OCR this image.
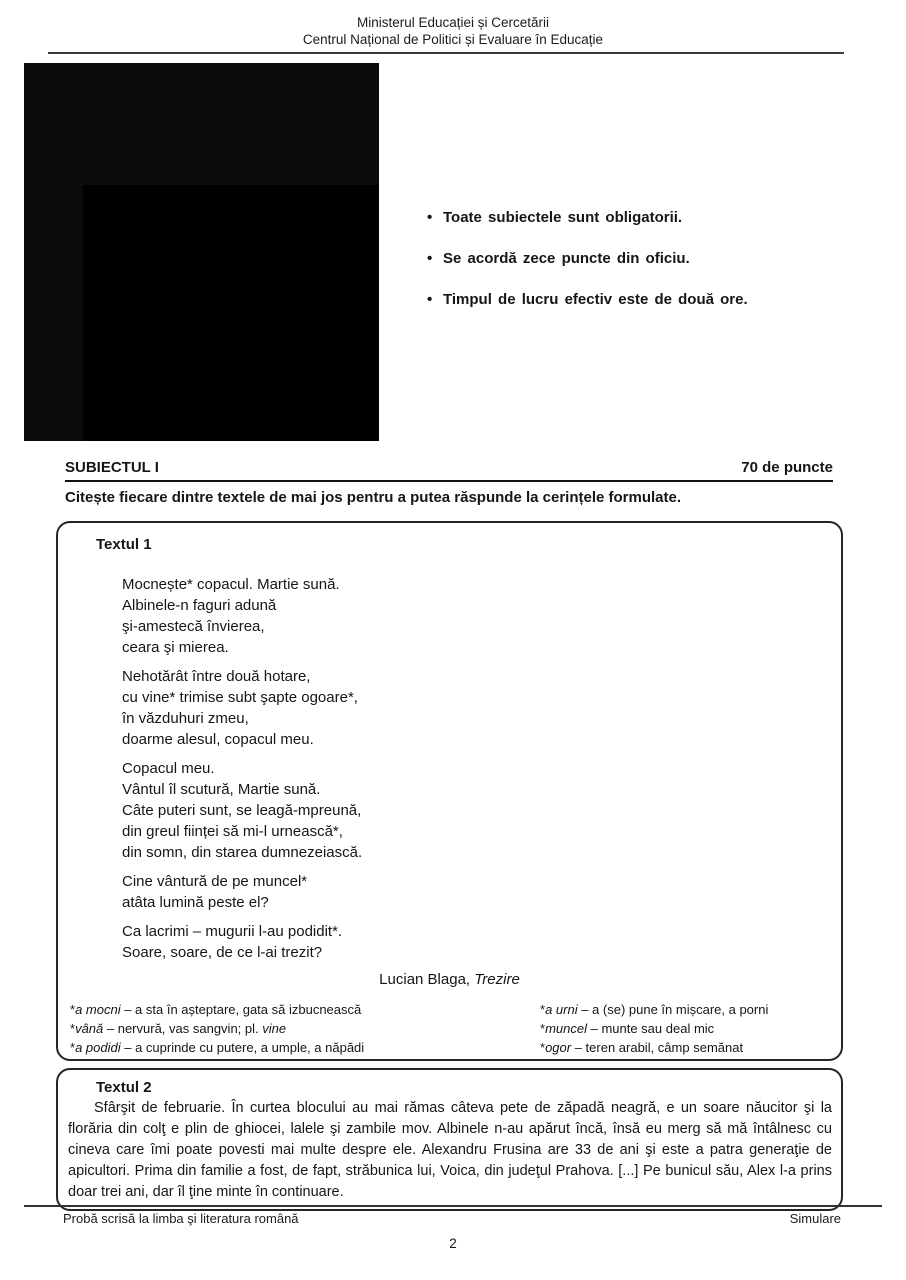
Ministerul Educației și Cercetării
Centrul Național de Politici și Evaluare în Educație
• Toate subiectele sunt obligatorii.
• Se acordă zece puncte din oficiu.
• Timpul de lucru efectiv este de două ore.
SUBIECTUL I	70 de puncte
Citește fiecare dintre textele de mai jos pentru a putea răspunde la cerințele formulate.
Textul 1
Mocnește* copacul. Martie sună.
Albinele-n faguri adună
şi-amestecă învierea,
ceara şi mierea.
Nehotărât între două hotare,
cu vine* trimise subt şapte ogoare*,
în văzduhuri zmeu,
doarme alesul, copacul meu.
Copacul meu.
Vântul îl scutură, Martie sună.
Câte puteri sunt, se leagă-mpreună,
din greul ființei să mi-l urnească*,
din somn, din starea dumnezeiască.
Cine vântură de pe muncel*
atâta lumină peste el?
Ca lacrimi – mugurii l-au podidit*.
Soare, soare, de ce l-ai trezit?
Lucian Blaga, Trezire
*a mocni – a sta în așteptare, gata să izbucnească
*vână – nervură, vas sangvin; pl. vine
*a podidi – a cuprinde cu putere, a umple, a năpădi
*a urni – a (se) pune în mișcare, a porni
*muncel – munte sau deal mic
*ogor – teren arabil, câmp semănat
Textul 2
Sfârşit de februarie. În curtea blocului au mai rămas câteva pete de zăpadă neagră, e un soare năucitor şi la florăria din colţ e plin de ghiocei, lalele şi zambile mov. Albinele n-au apărut încă, însă eu merg să mă întâlnesc cu cineva care îmi poate povesti mai multe despre ele. Alexandru Frusina are 33 de ani şi este a patra generaţie de apicultori. Prima din familie a fost, de fapt, străbunica lui, Voica, din judeţul Prahova. [...] Pe bunicul său, Alex l-a prins doar trei ani, dar îl ţine minte în continuare.
Probă scrisă la limba şi literatura română	Simulare
2
